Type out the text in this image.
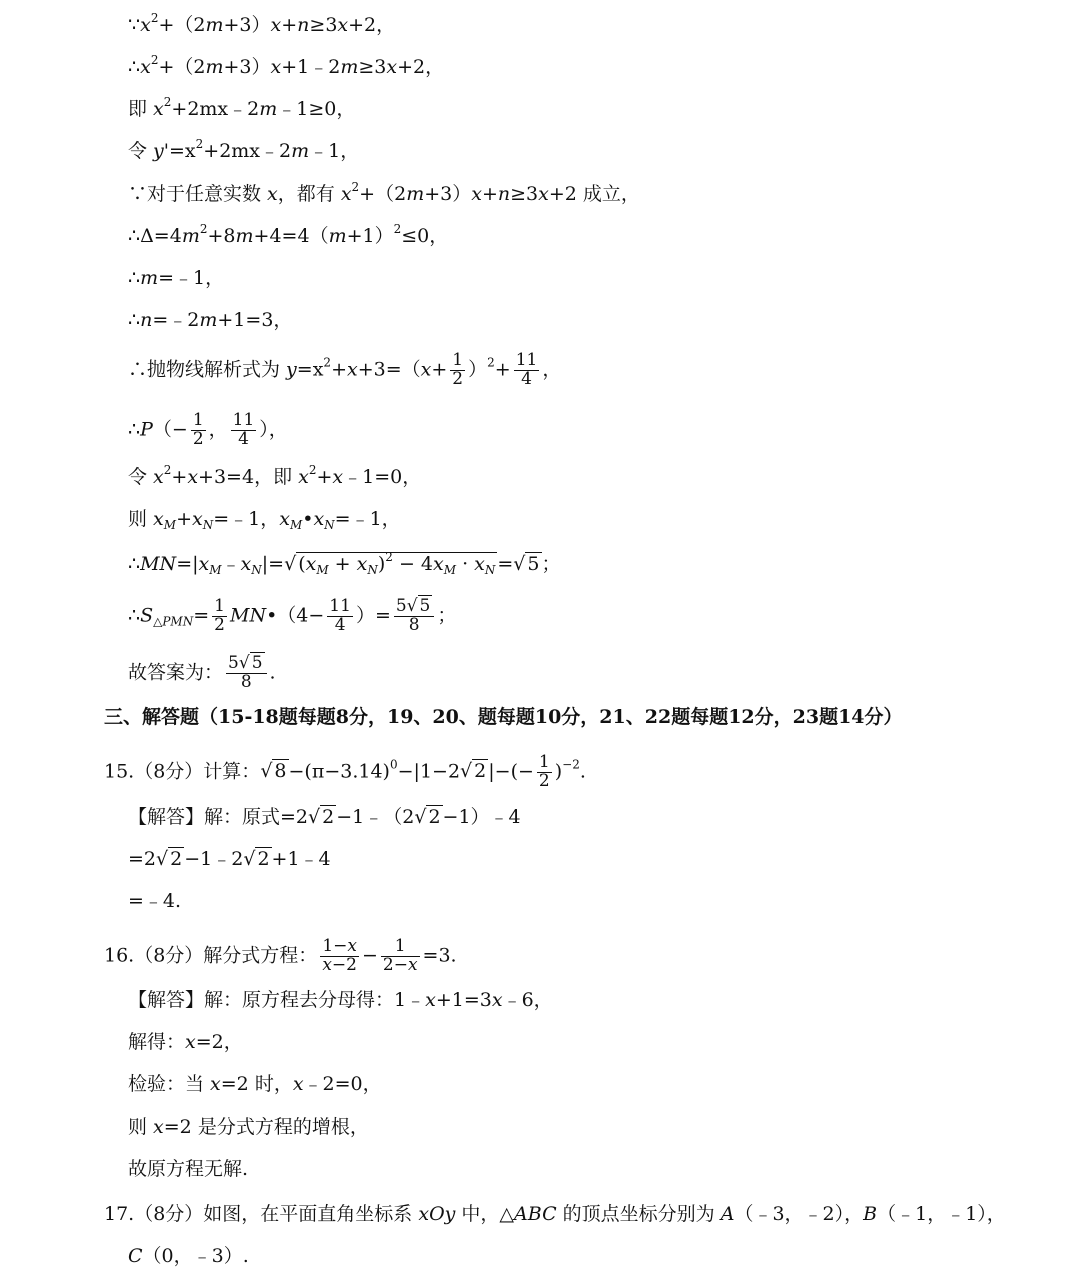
$\because x^2+(2m+3)x+n\ge 3x+2$，
$\therefore x^2+(2m+3)x+1﹣2m\ge 3x+2$，
即 $x^2+2mx﹣2m﹣1\ge 0$，
令 $y'=x^2+2mx﹣2m﹣1$，
∵对于任意实数 x，都有 $x^2+(2m+3)x+n\ge 3x+2$ 成立，
$\therefore\Delta=4m^2+8m+4=4(m+1)^2\le 0$，
∴m=﹣1，
∴n=﹣2m+1=3，
∴抛物线解析式为 $y=x^2+x+3=(x+ \frac{1}{2} )^2+ \frac{11}{4}$ ，
∴P（− $\frac{1}{2}$ ， $\frac{11}{4}$ ），
令 $x^2+x+3=4$，即 $x^2+x﹣1=0$，
则 $x_M+x_N=﹣1$，$x_M•x_N=﹣1$，
$\therefore MN=|x_M﹣x_N|=√$ $(x_M + x_N)^2 - 4x_M \cdot x_N$ =√ 5 ；
$\therefore S_{\triangle PMN}= \frac{1}{2}$ MN•（4− $\frac{11}{4}$ ）= $\frac{5√ 5}{8}$ ；
故答案为： $\frac{5√ 5}{8}$ .
三、解答题（15-18题每题8分，19、20、题每题10分，21、22题每题12分，23题14分）
15.（8分）计算：√ $8 -(\pi-3.14)^0-|1-2√$ 2 |−(− $\frac{1}{2} )^{-2}$.
【解答】解：原式=2√ 2 −1﹣（2√ 2 −1）﹣4
=2√ 2 −1﹣2√ 2 +1﹣4
=﹣4.
16.（8分）解分式方程： $\frac{1-x}{x-2} - \frac{1}{2-x} =3$.
【解答】解：原方程去分母得：1﹣x+1=3x﹣6，
解得：x=2，
检验：当 x=2 时，x﹣2=0，
则 x=2 是分式方程的增根，
故原方程无解.
17.（8分）如图，在平面直角坐标系 xOy 中，△ABC 的顶点坐标分别为 A（﹣3，﹣2），B（﹣1，﹣1），
C（0，﹣3）.
